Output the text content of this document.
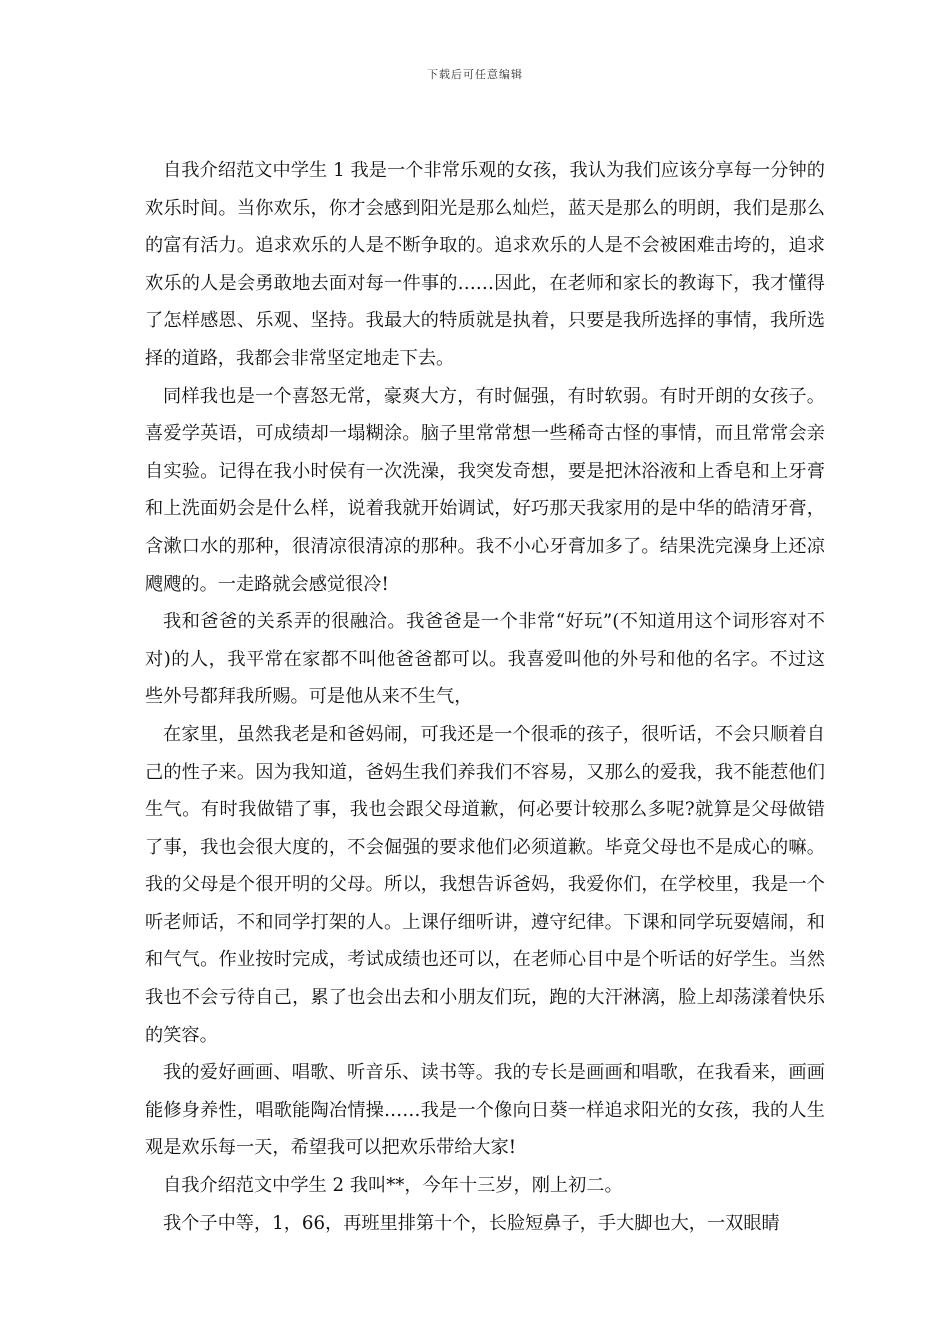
下载后可任意编辑

自我介绍范文中学生 1 我是一个非常乐观的女孩，我认为我们应该分享每一分钟的欢乐时间。当你欢乐，你才会感到阳光是那么灿烂，蓝天是那么的明朗，我们是那么的富有活力。追求欢乐的人是不断争取的。追求欢乐的人是不会被困难击垮的，追求欢乐的人是会勇敢地去面对每一件事的……因此，在老师和家长的教诲下，我才懂得了怎样感恩、乐观、坚持。我最大的特质就是执着，只要是我所选择的事情，我所选择的道路，我都会非常坚定地走下去。

同样我也是一个喜怒无常，豪爽大方，有时倔强，有时软弱。有时开朗的女孩子。喜爱学英语，可成绩却一塌糊涂。脑子里常常想一些稀奇古怪的事情，而且常常会亲自实验。记得在我小时侯有一次洗澡，我突发奇想，要是把沐浴液和上香皂和上牙膏和上洗面奶会是什么样，说着我就开始调试，好巧那天我家用的是中华的皓清牙膏，含漱口水的那种，很清凉很清凉的那种。我不小心牙膏加多了。结果洗完澡身上还凉飕飕的。一走路就会感觉很冷!

我和爸爸的关系弄的很融洽。我爸爸是一个非常“好玩”(不知道用这个词形容对不对)的人，我平常在家都不叫他爸爸都可以。我喜爱叫他的外号和他的名字。不过这些外号都拜我所赐。可是他从来不生气，

在家里，虽然我老是和爸妈闹，可我还是一个很乖的孩子，很听话，不会只顺着自己的性子来。因为我知道，爸妈生我们养我们不容易，又那么的爱我，我不能惹他们生气。有时我做错了事，我也会跟父母道歉，何必要计较那么多呢?就算是父母做错了事，我也会很大度的，不会倔强的要求他们必须道歉。毕竟父母也不是成心的嘛。我的父母是个很开明的父母。所以，我想告诉爸妈，我爱你们，在学校里，我是一个听老师话，不和同学打架的人。上课仔细听讲，遵守纪律。下课和同学玩耍嬉闹，和和气气。作业按时完成，考试成绩也还可以，在老师心目中是个听话的好学生。当然我也不会亏待自己，累了也会出去和小朋友们玩，跑的大汗淋漓，脸上却荡漾着快乐的笑容。

我的爱好画画、唱歌、听音乐、读书等。我的专长是画画和唱歌，在我看来，画画能修身养性，唱歌能陶冶情操……我是一个像向日葵一样追求阳光的女孩，我的人生观是欢乐每一天，希望我可以把欢乐带给大家!

自我介绍范文中学生 2 我叫**，今年十三岁，刚上初二。

我个子中等，1，66，再班里排第十个，长脸短鼻子，手大脚也大，一双眼睛
